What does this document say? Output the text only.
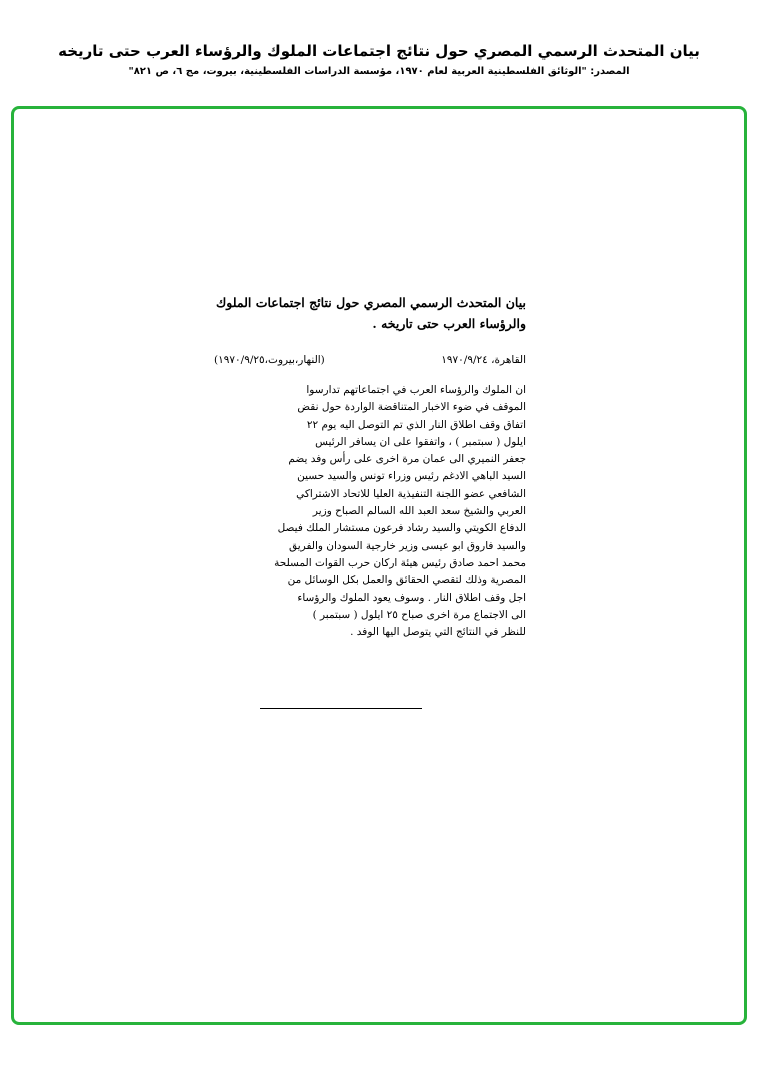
بيان المتحدث الرسمي المصري حول نتائج اجتماعات الملوك والرؤساء العرب حتى تاريخه
المصدر: "الوثائق الفلسطينية العربية لعام ١٩٧٠، مؤسسة الدراسات الفلسطينية، بيروت، مج ٦، ص ٨٢١"
بيان المتحدث الرسمي المصري حول نتائج اجتماعات الملوك
والرؤساء العرب حتى تاريخه .
القاهرة، ١٩٧٠/٩/٢٤
(النهار،بيروت،١٩٧٠/٩/٢٥)
ان الملوك والرؤساء العرب في اجتماعاتهم تدارسوا
الموقف في ضوء الاخبار المتناقضة الواردة حول نقض
اتفاق وقف اطلاق النار الذي تم التوصل اليه يوم ٢٢
ايلول ( سبتمبر ) ، واتفقوا على ان يسافر الرئيس
جعفر النميري الى عمان مرة اخرى على رأس وفد يضم
السيد الباهي الادغم رئيس وزراء تونس والسيد حسين
الشافعي عضو اللجنة التنفيذية العليا للاتحاد الاشتراكي
العربي والشيخ سعد العبد الله السالم الصباح وزير
الدفاع الكويتي والسيد رشاد فرعون مستشار الملك فيصل
والسيد فاروق ابو عيسى وزير خارجية السودان والفريق
محمد احمد صادق رئيس هيئة اركان حرب القوات المسلحة
المصرية وذلك لتقصي الحقائق والعمل بكل الوسائل من
اجل وقف اطلاق النار . وسوف يعود الملوك والرؤساء
الى الاجتماع مرة اخرى صباح ٢٥ ايلول ( سبتمبر )
للنظر في النتائج التي يتوصل اليها الوفد .
